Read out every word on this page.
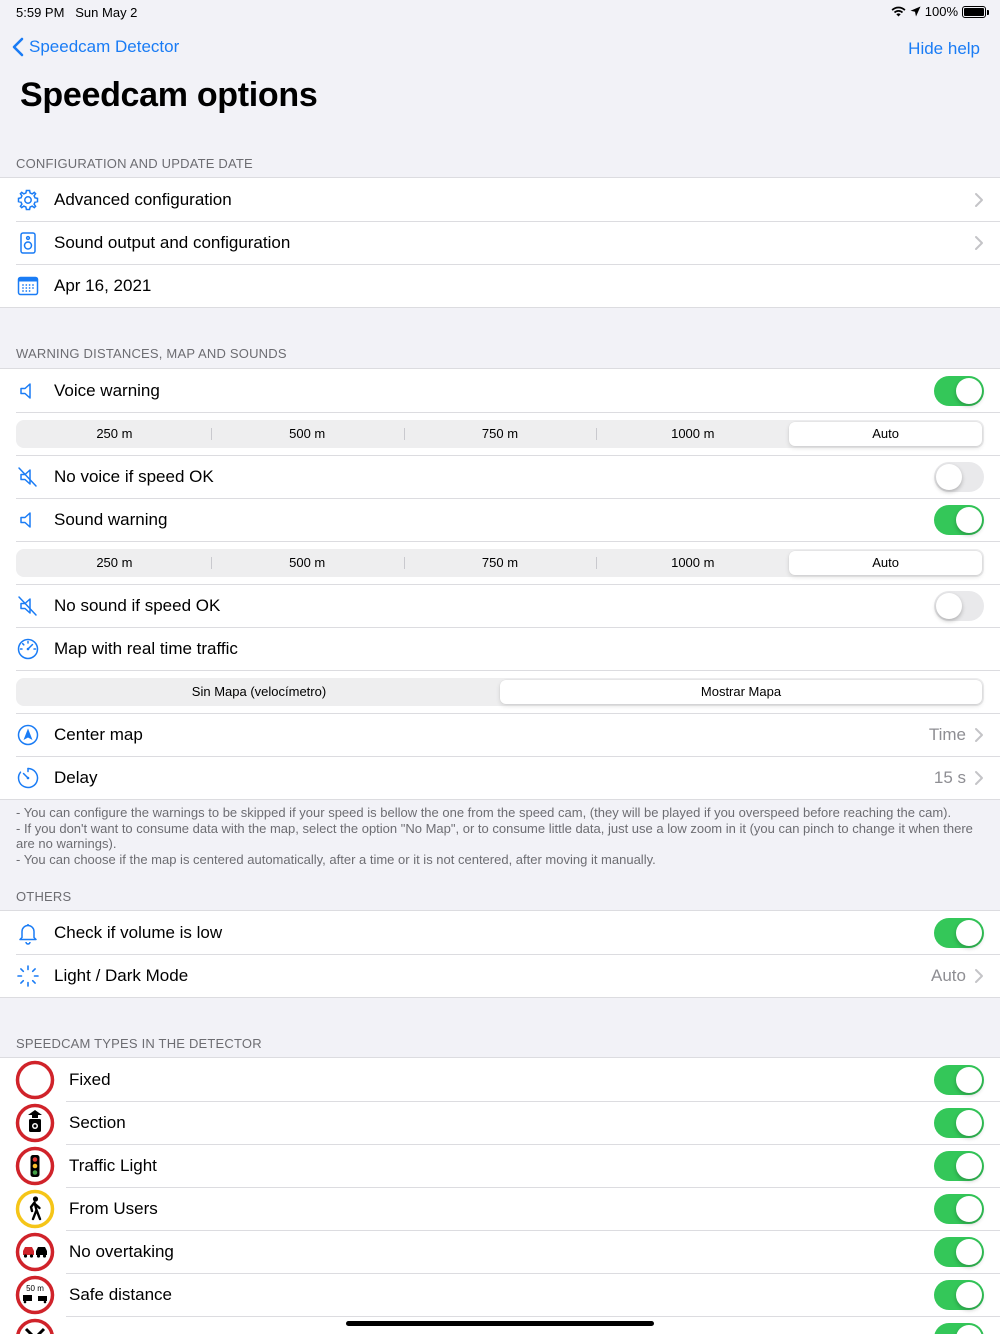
5:59 PM Sun May 2	100%
Speedcam Detector	Hide help
Speedcam options
CONFIGURATION AND UPDATE DATE
Advanced configuration
Sound output and configuration
Apr 16, 2021
WARNING DISTANCES, MAP AND SOUNDS
Voice warning
250 m	500 m	750 m	1000 m	Auto
No voice if speed OK
Sound warning
250 m	500 m	750 m	1000 m	Auto
No sound if speed OK
Map with real time traffic
Sin Mapa (velocímetro)	Mostrar Mapa
Center map	Time
Delay	15 s
- You can configure the warnings to be skipped if your speed is bellow the one from the speed cam, (they will be played if you overspeed before reaching the cam).
- If you don't want to consume data with the map, select the option "No Map", or to consume little data, just use a low zoom in it (you can pinch to change it when there are no warnings).
- You can choose if the map is centered automatically, after a time or it is not centered, after moving it manually.
OTHERS
Check if volume is low
Light / Dark Mode	Auto
SPEEDCAM TYPES IN THE DETECTOR
Fixed
Section
Traffic Light
From Users
No overtaking
50 m Safe distance
